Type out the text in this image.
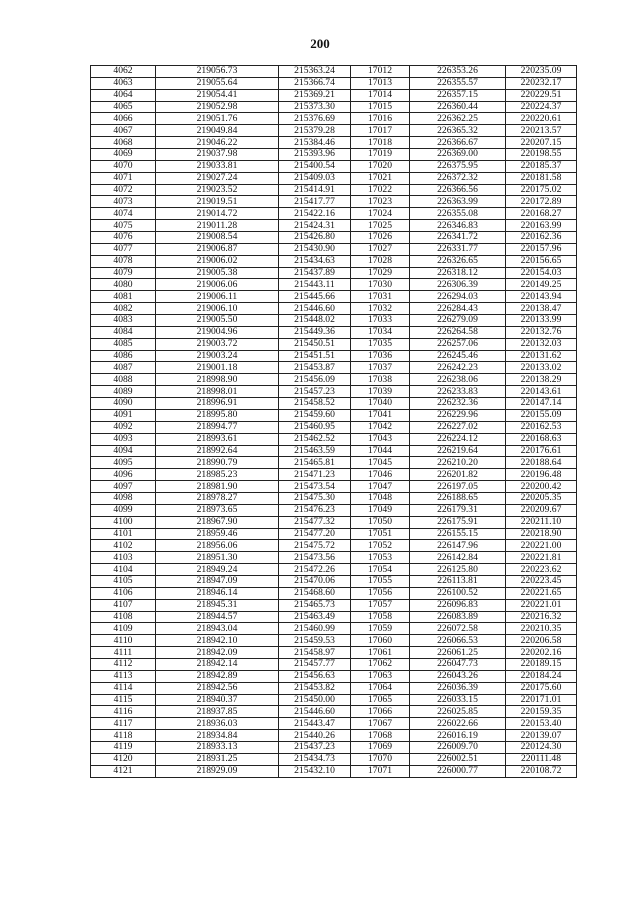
200
4062	219056.73	215363.24	17012	226353.26	220235.09
4063	219055.64	215366.74	17013	226355.57	220232.17
4064	219054.41	215369.21	17014	226357.15	220229.51
4065	219052.98	215373.30	17015	226360.44	220224.37
4066	219051.76	215376.69	17016	226362.25	220220.61
4067	219049.84	215379.28	17017	226365.32	220213.57
4068	219046.22	215384.46	17018	226366.67	220207.15
4069	219037.98	215393.96	17019	226369.00	220198.55
4070	219033.81	215400.54	17020	226375.95	220185.37
4071	219027.24	215409.03	17021	226372.32	220181.58
4072	219023.52	215414.91	17022	226366.56	220175.02
4073	219019.51	215417.77	17023	226363.99	220172.89
4074	219014.72	215422.16	17024	226355.08	220168.27
4075	219011.28	215424.31	17025	226346.83	220163.99
4076	219008.54	215426.80	17026	226341.72	220162.36
4077	219006.87	215430.90	17027	226331.77	220157.96
4078	219006.02	215434.63	17028	226326.65	220156.65
4079	219005.38	215437.89	17029	226318.12	220154.03
4080	219006.06	215443.11	17030	226306.39	220149.25
4081	219006.11	215445.66	17031	226294.03	220143.94
4082	219006.10	215446.60	17032	226284.43	220138.47
4083	219005.50	215448.02	17033	226279.09	220133.99
4084	219004.96	215449.36	17034	226264.58	220132.76
4085	219003.72	215450.51	17035	226257.06	220132.03
4086	219003.24	215451.51	17036	226245.46	220131.62
4087	219001.18	215453.87	17037	226242.23	220133.02
4088	218998.90	215456.09	17038	226238.06	220138.29
4089	218998.01	215457.23	17039	226233.83	220143.61
4090	218996.91	215458.52	17040	226232.36	220147.14
4091	218995.80	215459.60	17041	226229.96	220155.09
4092	218994.77	215460.95	17042	226227.02	220162.53
4093	218993.61	215462.52	17043	226224.12	220168.63
4094	218992.64	215463.59	17044	226219.64	220176.61
4095	218990.79	215465.81	17045	226210.20	220188.64
4096	218985.23	215471.23	17046	226201.82	220196.48
4097	218981.90	215473.54	17047	226197.05	220200.42
4098	218978.27	215475.30	17048	226188.65	220205.35
4099	218973.65	215476.23	17049	226179.31	220209.67
4100	218967.90	215477.32	17050	226175.91	220211.10
4101	218959.46	215477.20	17051	226155.15	220218.90
4102	218956.06	215475.72	17052	226147.96	220221.00
4103	218951.30	215473.56	17053	226142.84	220221.81
4104	218949.24	215472.26	17054	226125.80	220223.62
4105	218947.09	215470.06	17055	226113.81	220223.45
4106	218946.14	215468.60	17056	226100.52	220221.65
4107	218945.31	215465.73	17057	226096.83	220221.01
4108	218944.57	215463.49	17058	226083.89	220216.32
4109	218943.04	215460.99	17059	226072.58	220210.35
4110	218942.10	215459.53	17060	226066.53	220206.58
4111	218942.09	215458.97	17061	226061.25	220202.16
4112	218942.14	215457.77	17062	226047.73	220189.15
4113	218942.89	215456.63	17063	226043.26	220184.24
4114	218942.56	215453.82	17064	226036.39	220175.60
4115	218940.37	215450.00	17065	226033.15	220171.01
4116	218937.85	215446.60	17066	226025.85	220159.35
4117	218936.03	215443.47	17067	226022.66	220153.40
4118	218934.84	215440.26	17068	226016.19	220139.07
4119	218933.13	215437.23	17069	226009.70	220124.30
4120	218931.25	215434.73	17070	226002.51	220111.48
4121	218929.09	215432.10	17071	226000.77	220108.72
